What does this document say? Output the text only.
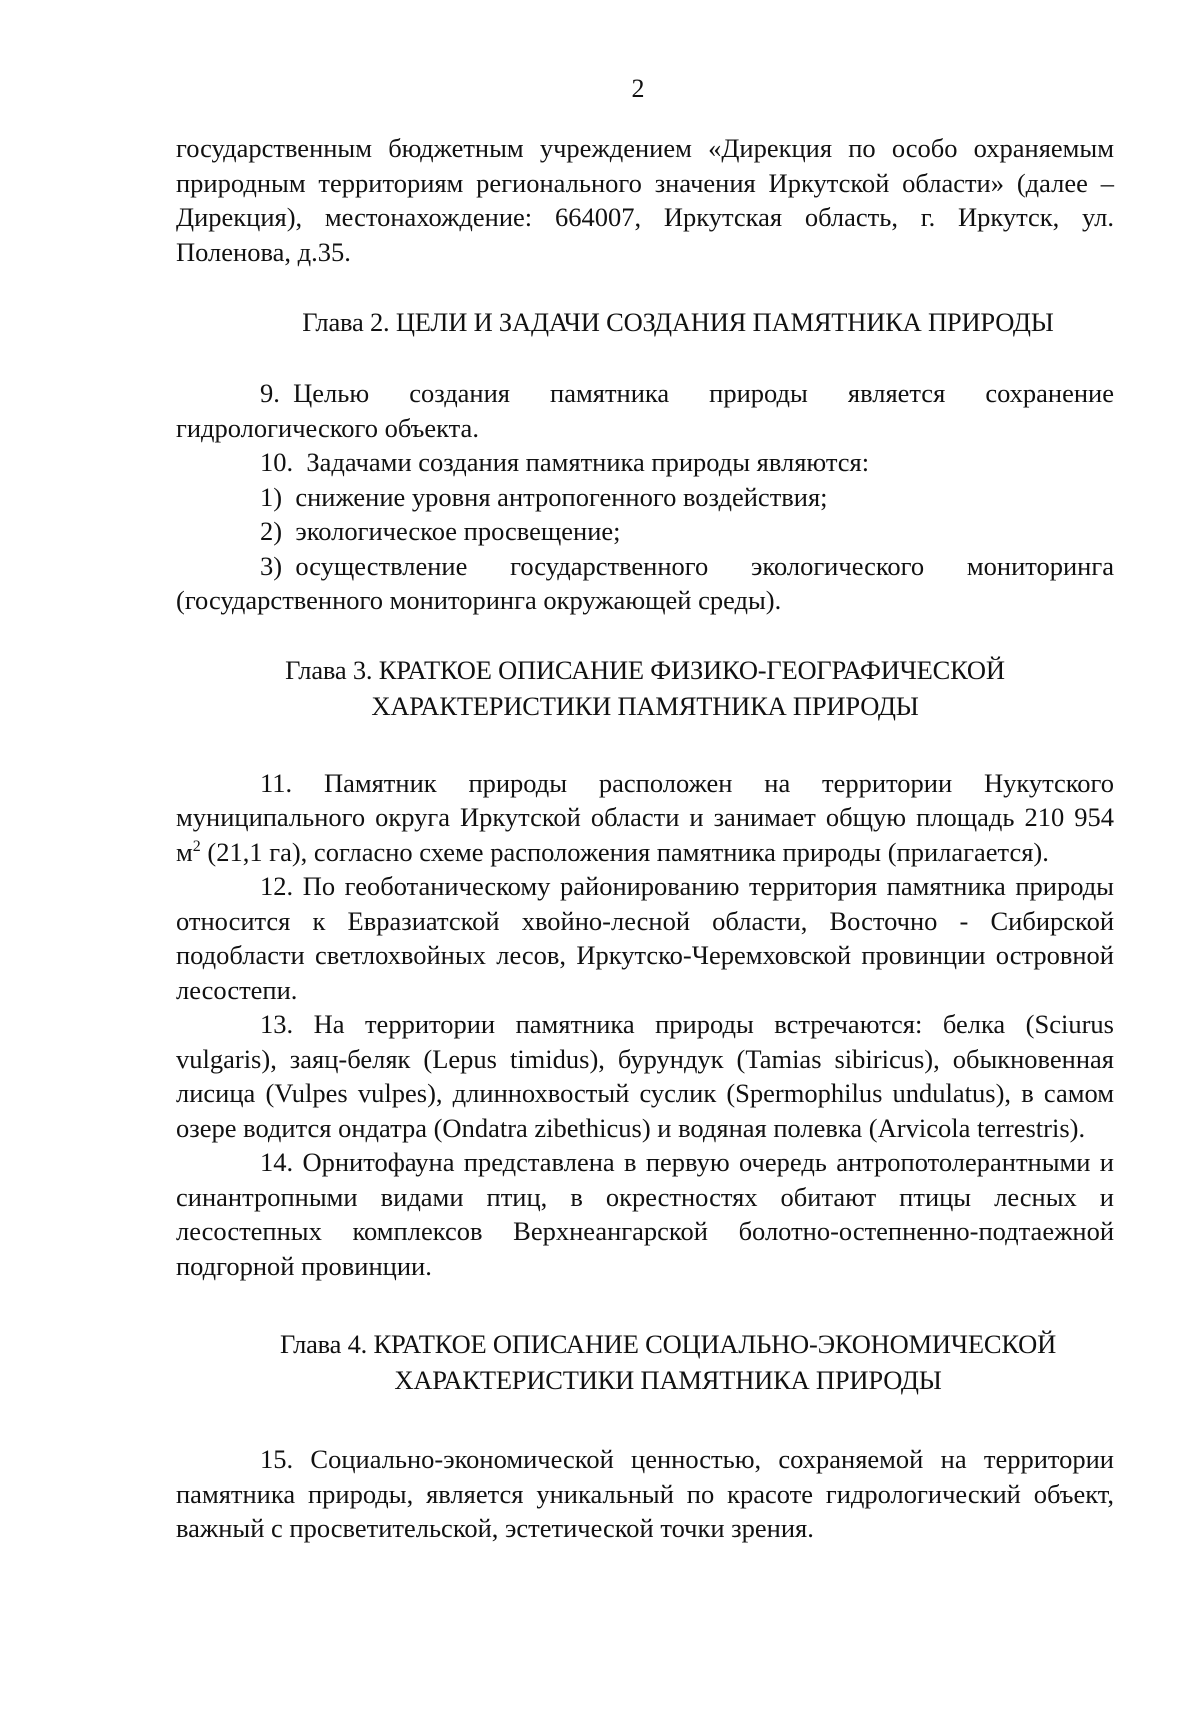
2

государственным бюджетным учреждением «Дирекция по особо охраняемым природным территориям регионального значения Иркутской области» (далее – Дирекция), местонахождение: 664007, Иркутская область, г. Иркутск, ул. Поленова, д.35.

Глава 2. ЦЕЛИ И ЗАДАЧИ СОЗДАНИЯ ПАМЯТНИКА ПРИРОДЫ

9. Целью создания памятника природы является сохранение гидрологического объекта.

10. Задачами создания памятника природы являются:

1) снижение уровня антропогенного воздействия;

2) экологическое просвещение;

3) осуществление государственного экологического мониторинга (государственного мониторинга окружающей среды).

Глава 3. КРАТКОЕ ОПИСАНИЕ ФИЗИКО-ГЕОГРАФИЧЕСКОЙ
ХАРАКТЕРИСТИКИ ПАМЯТНИКА ПРИРОДЫ

11. Памятник природы расположен на территории Нукутского муниципального округа Иркутской области и занимает общую площадь 210 954 $м^2$ (21,1 га), согласно схеме расположения памятника природы (прилагается).

12. По геоботаническому районированию территория памятника природы относится к Евразиатской хвойно-лесной области, Восточно - Сибирской подобласти светлохвойных лесов, Иркутско-Черемховской провинции островной лесостепи.

13. На территории памятника природы встречаются: белка (Sciurus vulgaris), заяц-беляк (Lepus timidus), бурундук (Tamias sibiricus), обыкновенная лисица (Vulpes vulpes), длиннохвостый суслик (Spermophilus undulatus), в самом озере водится ондатра (Ondatra zibethicus) и водяная полевка (Arvicola terrestris).

14. Орнитофауна представлена в первую очередь антропотолерантными и синантропными видами птиц, в окрестностях обитают птицы лесных и лесостепных комплексов Верхнеангарской болотно-остепненно-подтаежной подгорной провинции.

Глава 4. КРАТКОЕ ОПИСАНИЕ СОЦИАЛЬНО-ЭКОНОМИЧЕСКОЙ
ХАРАКТЕРИСТИКИ ПАМЯТНИКА ПРИРОДЫ

15. Социально-экономической ценностью, сохраняемой на территории памятника природы, является уникальный по красоте гидрологический объект, важный с просветительской, эстетической точки зрения.
